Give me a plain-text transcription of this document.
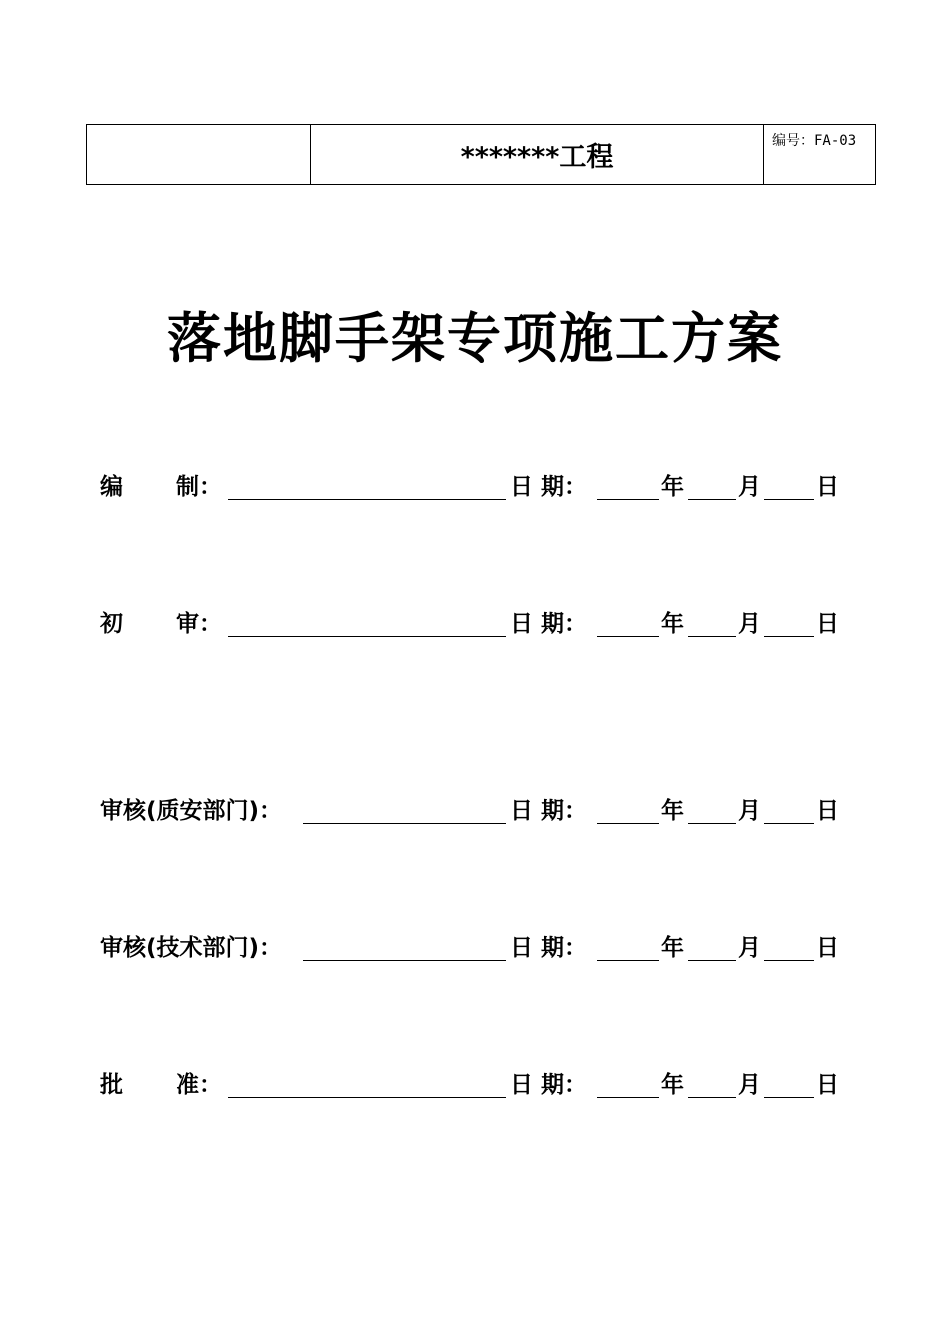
	*******工程	编号：FA-03
落地脚手架专项施工方案
编 制：	日 期：	年 月 日
初 审：	日 期：	年 月 日
审核(质安部门)：	日 期：	年 月 日
审核(技术部门)：	日 期：	年 月 日
批 准：	日 期：	年 月 日
